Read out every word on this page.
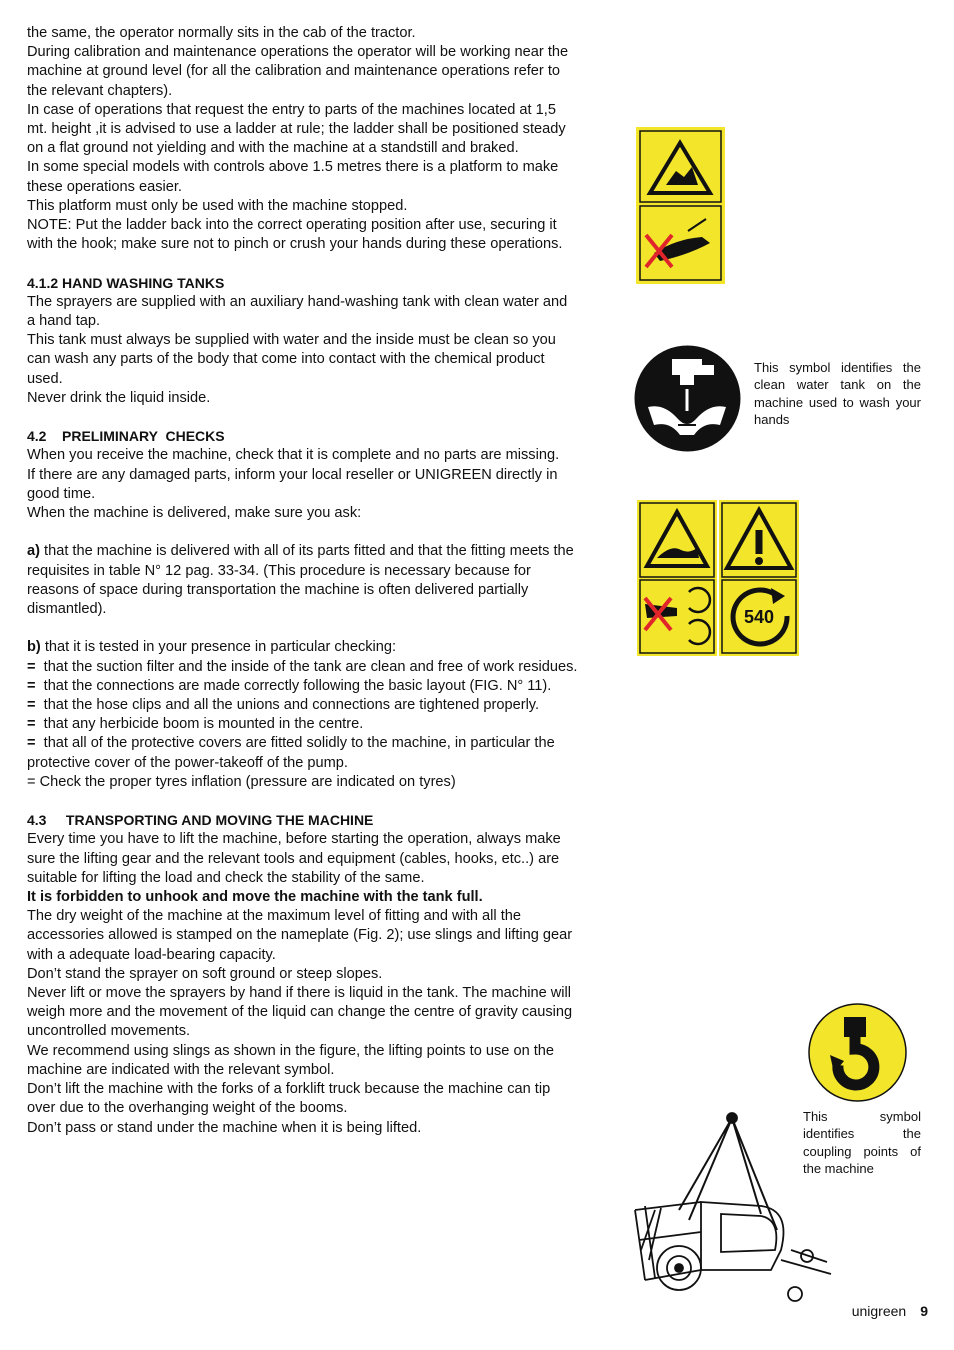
the same, the operator normally sits in the cab of the tractor.

During calibration and maintenance operations the operator will be working near the machine at ground level (for all the calibration and maintenance operations refer to the relevant chapters).

In case of operations that request the entry to parts of the machines located at 1,5 mt. height ,it is advised to use a ladder at rule; the ladder shall be positioned steady on a flat ground not yielding and with the machine at a standstill and braked.

In some special models with controls above 1.5 metres there is a platform to make these operations easier.

This platform must only be used with the machine stopped.

NOTE: Put the ladder back into the correct operating position after use, securing it with the hook; make sure not to pinch or crush your hands during these operations.

4.1.2 HAND WASHING TANKS

The sprayers are supplied with an auxiliary hand-washing tank with clean water and a hand tap.

This tank must always be supplied with water and the inside must be clean so you can wash any parts of the body that come into contact with the chemical product used.

Never drink the liquid inside.

4.2    PRELIMINARY  CHECKS

When you receive the machine, check that it is complete and no parts are missing.

If there are any damaged parts, inform your local reseller or UNIGREEN directly in good time.

When the machine is delivered, make sure you ask:

a) that the machine is delivered with all of its parts fitted and that the fitting meets the requisites in table N° 12 pag. 33-34. (This procedure is necessary because for reasons of space during transportation the machine is often delivered partially dismantled).

b) that it is tested in your presence in particular checking:

=  that the suction filter and the inside of the tank are clean and free of work residues.

=  that the connections are made correctly following the basic layout (FIG. N° 11).

=  that the hose clips and all the unions and connections are tightened properly.

=  that any herbicide boom is mounted in the centre.

=  that all of the protective covers are fitted solidly to the machine, in particular the protective cover of the power-takeoff of the pump.

= Check the proper tyres inflation (pressure are indicated on tyres)

4.3     TRANSPORTING AND MOVING THE MACHINE

Every time you have to lift the machine, before starting the operation, always make sure the lifting gear and the relevant tools and equipment (cables, hooks, etc..) are suitable for lifting the load and check the stability of the same.

It is forbidden to unhook and move the machine with the tank full.

The dry weight of the machine at the maximum level of fitting and with all the accessories allowed is stamped on the nameplate (Fig. 2); use slings and lifting gear with a adequate load-bearing capacity.

Don’t stand the sprayer on soft ground or steep slopes.

Never lift or move the sprayers by hand if there is liquid in the tank. The machine will weigh more and the movement of the liquid can change the centre of gravity causing uncontrolled movements.

We recommend using slings as shown in the figure, the lifting points to use on the machine are indicated with the relevant symbol.

Don’t lift the machine with the forks of a forklift truck because the machine can tip over due to the overhanging weight of the booms.

Don’t pass or stand under the machine when it is being lifted.

This symbol identifies the clean water tank on the machine used to wash your hands
540
This symbol identifies the coupling points of the machine
unigreen 9
